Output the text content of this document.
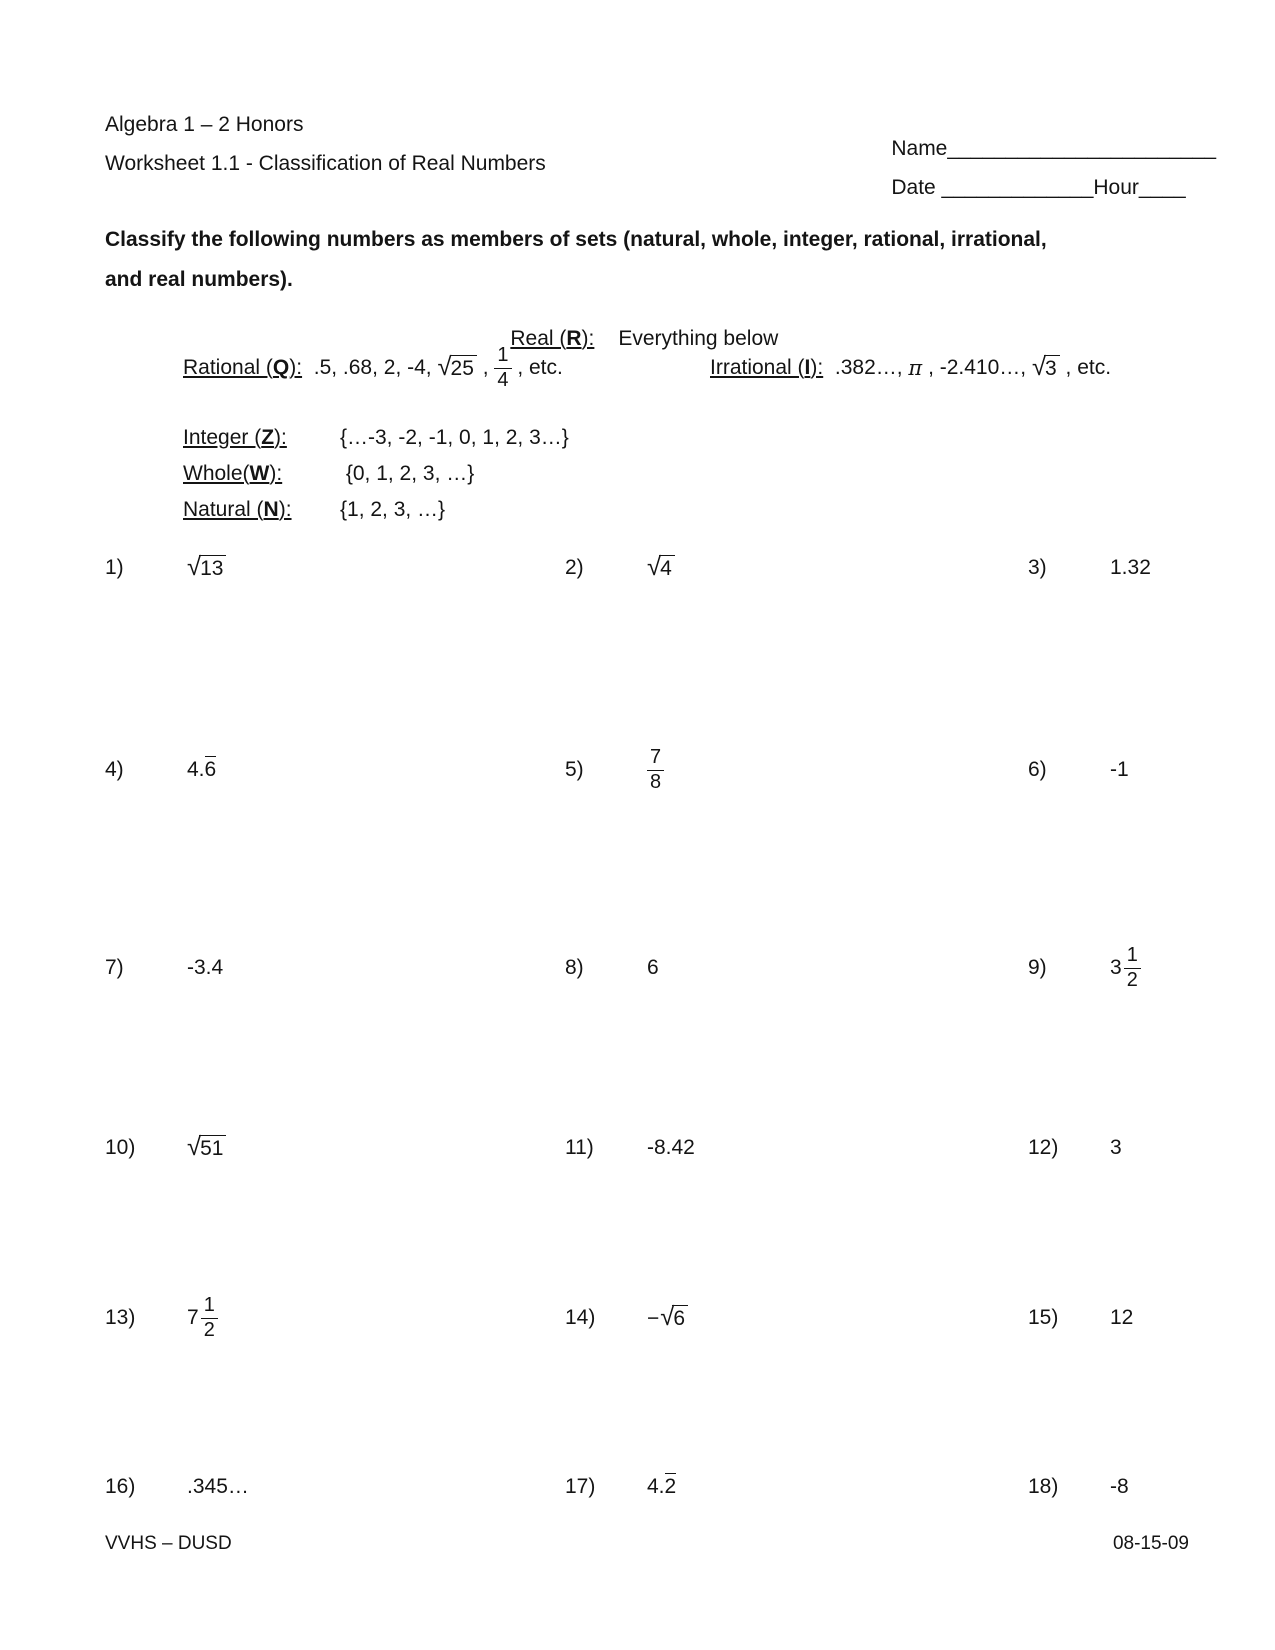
Algebra 1 – 2 Honors
Worksheet 1.1 - Classification of Real Numbers

Name_______________________

Date _____________Hour____

Classify the following numbers as members of sets (natural, whole, integer, rational, irrational,
and real numbers).

Real (R): Everything below

Rational (Q): .5, .68, 2, -4, √ 25 , $\frac{1}{4}$ , etc.	Irrational (I): .382…, π , -2.410…, √ 3 , etc.
Integer (Z):	{…-3, -2, -1, 0, 1, 2, 3…}
Whole(W):	{0, 1, 2, 3, …}
Natural (N):	{1, 2, 3, …}
1)	√ 13	2)	√ 4	3)	1.32
4)	4.6	5)	$\frac{7}{8}$	6)	-1
7)	-3.4	8)	6	9)	$3 \frac{1}{2}$
10)	√ 51	11)	-8.42	12)	3
13)	$7 \frac{1}{2}$	14)	− √ 6	15)	12
16)	.345…	17)	4.2	18)	-8
VVHS – DUSD	08-15-09
